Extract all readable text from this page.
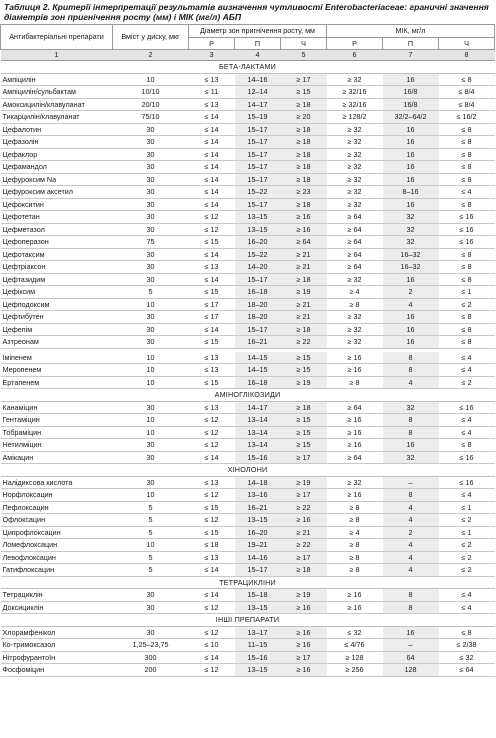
Таблиця 2. Критерії інтерпретації результатів визначення чутливості Enterobacteriaceae: граничні значення
діаметрів зон пригнічення росту (мм) і МІК (мг/л) АБП
Антибактеріальні препарати	Вміст у диску, мкг	Діаметр зон пригнічення росту, мм			МІК, мг/л		
		Р	П	Ч	Р	П	Ч
1	2	3	4	5	6	7	8
БЕТА-ЛАКТАМИ							
Ампіцилін	10	≤ 13	14–16	≥ 17	≥ 32	16	≤ 8
Ампіцилін/сульбактам	10/10	≤ 11	12–14	≥ 15	≥ 32/16	16/8	≤ 8/4
Амоксицилін/клавуланат	20/10	≤ 13	14–17	≥ 18	≥ 32/16	16/8	≤ 8/4
Тикарцилін/клавуланат	75/10	≤ 14	15–19	≥ 20	≥ 128/2	32/2–64/2	≤ 16/2
Цефалотин	30	≤ 14	15–17	≥ 18	≥ 32	16	≤ 8
Цефазолін	30	≤ 14	15–17	≥ 18	≥ 32	16	≤ 8
Цефаклор	30	≤ 14	15–17	≥ 18	≥ 32	16	≤ 8
Цефамандол	30	≤ 14	15–17	≥ 18	≥ 32	16	≤ 8
Цефуроксим Na	30	≤ 14	15–17	≥ 18	≥ 32	16	≤ 8
Цефуроксим аксетил	30	≤ 14	15–22	≥ 23	≥ 32	8–16	≤ 4
Цефокситин	30	≤ 14	15–17	≥ 18	≥ 32	16	≤ 8
Цефотетан	30	≤ 12	13–15	≥ 16	≥ 64	32	≤ 16
Цефметазол	30	≤ 12	13–15	≥ 16	≥ 64	32	≤ 16
Цефоперазон	75	≤ 15	16–20	≥ 64	≥ 64	32	≤ 16
Цефотаксим	30	≤ 14	15–22	≥ 21	≥ 64	16–32	≤ 8
Цефтріаксон	30	≤ 13	14–20	≥ 21	≥ 64	16–32	≤ 8
Цефтазидим	30	≤ 14	15–17	≥ 18	≥ 32	16	≤ 8
Цефіксим	5	≤ 15	16–18	≥ 19	≥ 4	2	≤ 1
Цефподоксим	10	≤ 17	18–20	≥ 21	≥ 8	4	≤ 2
Цефтибутен	30	≤ 17	18–20	≥ 21	≥ 32	16	≤ 8
Цефепім	30	≤ 14	15–17	≥ 18	≥ 32	16	≤ 8
Азтреонам	30	≤ 15	16–21	≥ 22	≥ 32	16	≤ 8

Іміпенем	10	≤ 13	14–15	≥ 15	≥ 16	8	≤ 4
Меропенем	10	≤ 13	14–15	≥ 15	≥ 16	8	≤ 4
Ертапенем	10	≤ 15	16–18	≥ 19	≥ 8	4	≤ 2
АМІНОГЛІКОЗИДИ							
Канаміцин	30	≤ 13	14–17	≥ 18	≥ 64	32	≤ 16
Гентаміцин	10	≤ 12	13–14	≥ 15	≥ 16	8	≤ 4
Тобраміцин	10	≤ 12	13–14	≥ 15	≥ 16	8	≤ 4
Нетилміцин	30	≤ 12	13–14	≥ 15	≥ 16	16	≤ 8
Амікацин	30	≤ 14	15–16	≥ 17	≥ 64	32	≤ 16
ХІНОЛОНИ							
Налідиксова кислота	30	≤ 13	14–18	≥ 19	≥ 32	–	≤ 16
Норфлоксацин	10	≤ 12	13–16	≥ 17	≥ 16	8	≤ 4
Пефлоксацин	5	≤ 15	16–21	≥ 22	≥ 8	4	≤ 1
Офлоксацин	5	≤ 12	13–15	≥ 16	≥ 8	4	≤ 2
Ципрофлоксацин	5	≤ 15	16–20	≥ 21	≥ 4	2	≤ 1
Ломефлоксацин	10	≤ 18	19–21	≥ 22	≥ 8	4	≤ 2
Левофлоксацин	5	≤ 13	14–16	≥ 17	≥ 8	4	≤ 2
Гатифлоксацин	5	≤ 14	15–17	≥ 18	≥ 8	4	≤ 2
ТЕТРАЦИКЛІНИ							
Тетрациклін	30	≤ 14	15–18	≥ 19	≥ 16	8	≤ 4
Доксициклін	30	≤ 12	13–15	≥ 16	≥ 16	8	≤ 4
ІНШІ ПРЕПАРАТИ							
Хлорамфенікол	30	≤ 12	13–17	≥ 16	≤ 32	16	≤ 8
Ко-тримоксазол	1,25–23,75	≤ 10	11–15	≥ 16	≤ 4/76	–	≤ 2/38
Нітрофурантоїн	300	≤ 14	15–16	≥ 17	≥ 128	64	≤ 32
Фосфоміцин	200	≤ 12	13–15	≥ 16	≥ 256	128	≤ 64
